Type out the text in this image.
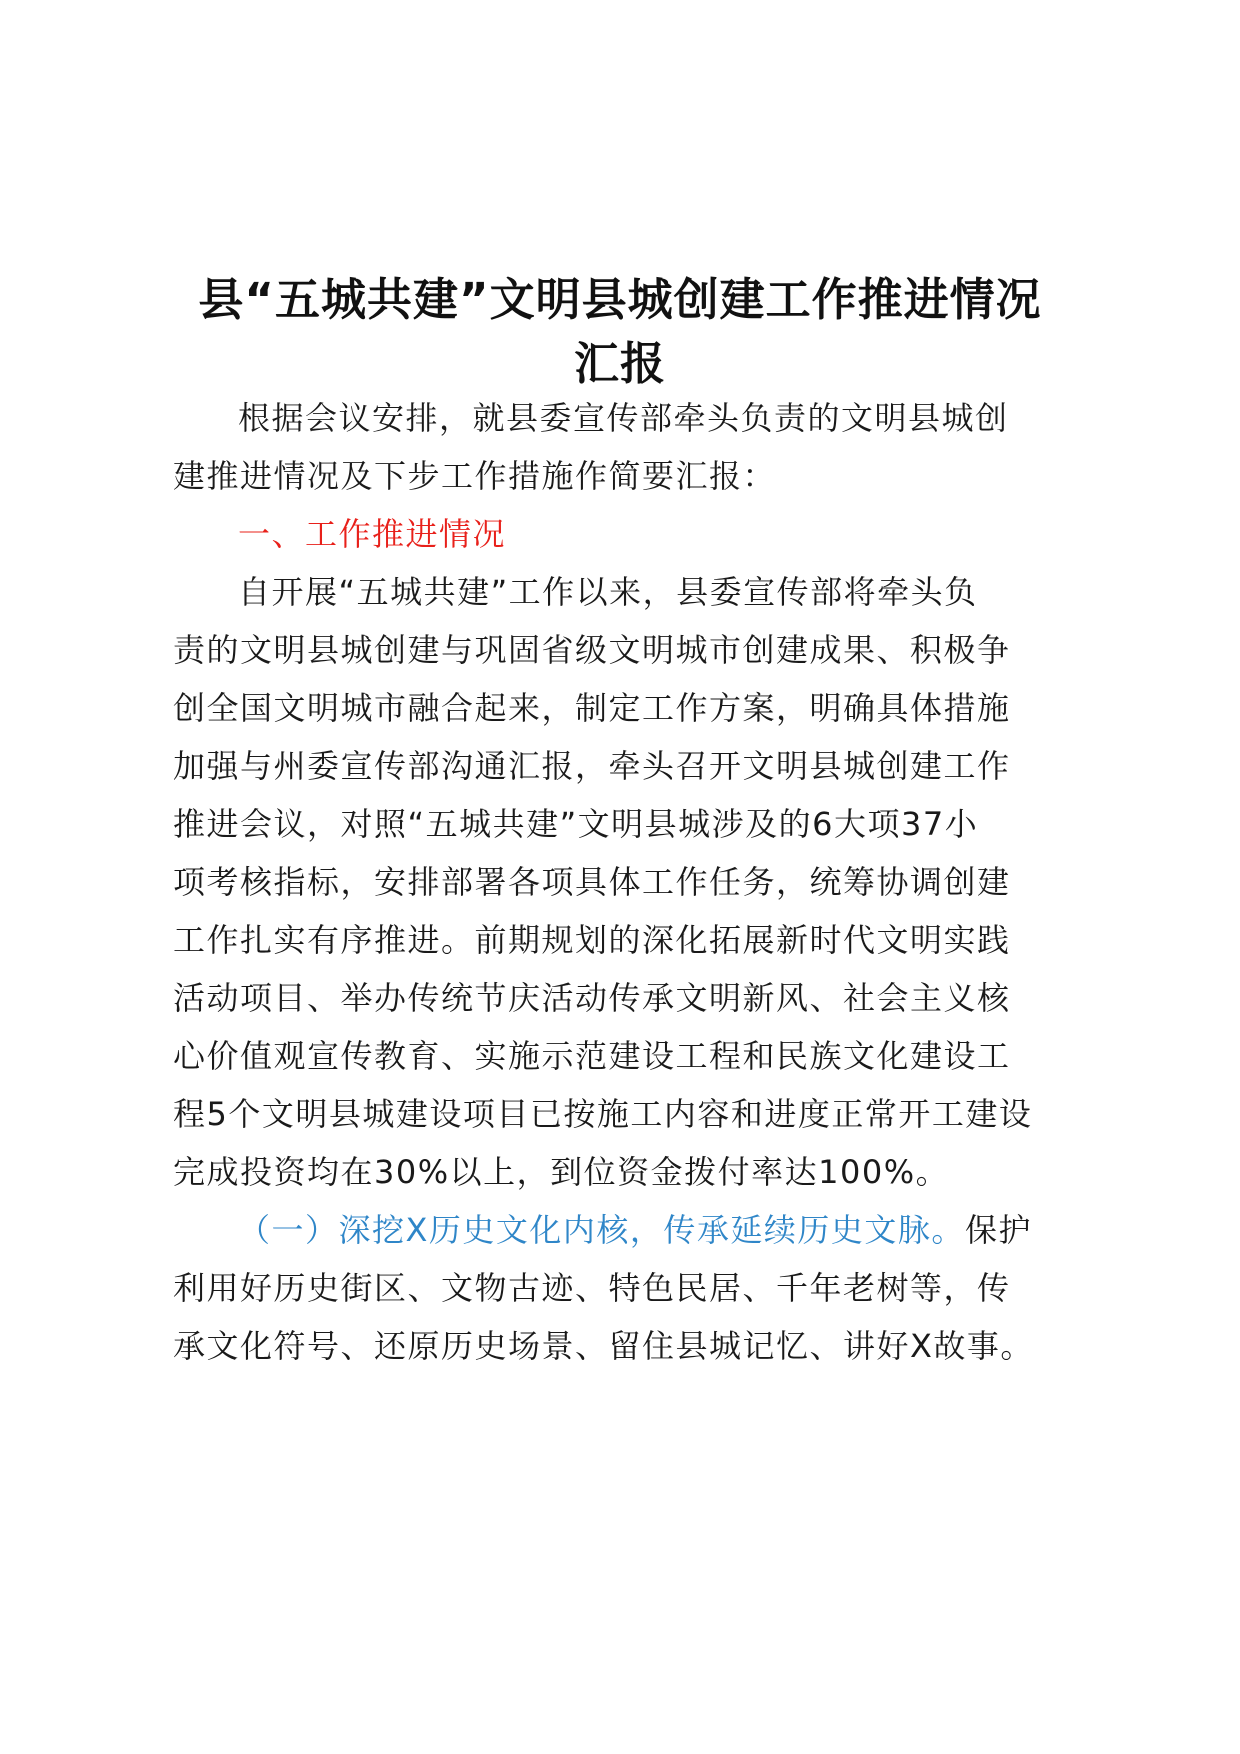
县“五城共建”文明县城创建工作推进情况
汇报
根据会议安排，就县委宣传部牵头负责的文明县城创
建推进情况及下步工作措施作简要汇报：
一、工作推进情况
自开展“五城共建”工作以来，县委宣传部将牵头负
责的文明县城创建与巩固省级文明城市创建成果、积极争
创全国文明城市融合起来，制定工作方案，明确具体措施
加强与州委宣传部沟通汇报，牵头召开文明县城创建工作
推进会议，对照“五城共建”文明县城涉及的6大项37小
项考核指标，安排部署各项具体工作任务，统筹协调创建
工作扎实有序推进。前期规划的深化拓展新时代文明实践
活动项目、举办传统节庆活动传承文明新风、社会主义核
心价值观宣传教育、实施示范建设工程和民族文化建设工
程5个文明县城建设项目已按施工内容和进度正常开工建设
完成投资均在30%以上，到位资金拨付率达100%。
（一）深挖X历史文化内核，传承延续历史文脉。保护
利用好历史街区、文物古迹、特色民居、千年老树等，传
承文化符号、还原历史场景、留住县城记忆、讲好X故事。
